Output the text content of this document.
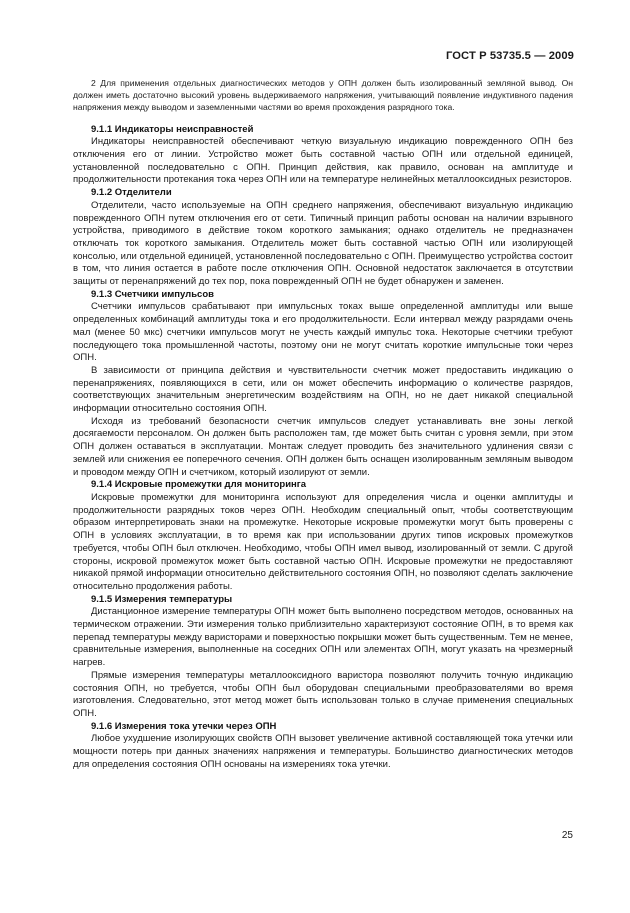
ГОСТ Р 53735.5 — 2009

2 Для применения отдельных диагностических методов у ОПН должен быть изолированный земляной вывод. Он должен иметь достаточно высокий уровень выдерживаемого напряжения, учитывающий появление индуктивного падения напряжения между выводом и заземленными частями во время прохождения разрядного тока.

9.1.1 Индикаторы неисправностей

Индикаторы неисправностей обеспечивают четкую визуальную индикацию поврежденного ОПН без отключения его от линии. Устройство может быть составной частью ОПН или отдельной единицей, установленной последовательно с ОПН. Принцип действия, как правило, основан на амплитуде и продолжительности протекания тока через ОПН или на температуре нелинейных металлооксидных резисторов.

9.1.2 Отделители

Отделители, часто используемые на ОПН среднего напряжения, обеспечивают визуальную индикацию поврежденного ОПН путем отключения его от сети. Типичный принцип работы основан на наличии взрывного устройства, приводимого в действие током короткого замыкания; однако отделитель не предназначен отключать ток короткого замыкания. Отделитель может быть составной частью ОПН или изолирующей консолью, или отдельной единицей, установленной последовательно с ОПН. Преимущество устройства состоит в том, что линия остается в работе после отключения ОПН. Основной недостаток заключается в отсутствии защиты от перенапряжений до тех пор, пока поврежденный ОПН не будет обнаружен и заменен.

9.1.3 Счетчики импульсов

Счетчики импульсов срабатывают при импульсных токах выше определенной амплитуды или выше определенных комбинаций амплитуды тока и его продолжительности. Если интервал между разрядами очень мал (менее 50 мкс) счетчики импульсов могут не учесть каждый импульс тока. Некоторые счетчики требуют последующего тока промышленной частоты, поэтому они не могут считать короткие импульсные токи через ОПН.

В зависимости от принципа действия и чувствительности счетчик может предоставить индикацию о перенапряжениях, появляющихся в сети, или он может обеспечить информацию о количестве разрядов, соответствующих значительным энергетическим воздействиям на ОПН, но не дает никакой специальной информации относительно состояния ОПН.

Исходя из требований безопасности счетчик импульсов следует устанавливать вне зоны легкой досягаемости персоналом. Он должен быть расположен там, где может быть считан с уровня земли, при этом ОПН должен оставаться в эксплуатации. Монтаж следует проводить без значительного удлинения связи с землей или снижения ее поперечного сечения. ОПН должен быть оснащен изолированным земляным выводом и проводом между ОПН и счетчиком, который изолируют от земли.

9.1.4 Искровые промежутки для мониторинга

Искровые промежутки для мониторинга используют для определения числа и оценки амплитуды и продолжительности разрядных токов через ОПН. Необходим специальный опыт, чтобы соответствующим образом интерпретировать знаки на промежутке. Некоторые искровые промежутки могут быть проверены с ОПН в условиях эксплуатации, в то время как при использовании других типов искровых промежутков требуется, чтобы ОПН был отключен. Необходимо, чтобы ОПН имел вывод, изолированный от земли. С другой стороны, искровой промежуток может быть составной частью ОПН. Искровые промежутки не предоставляют никакой прямой информации относительно действительного состояния ОПН, но позволяют сделать заключение относительно продолжения работы.

9.1.5 Измерения температуры

Дистанционное измерение температуры ОПН может быть выполнено посредством методов, основанных на термическом отражении. Эти измерения только приблизительно характеризуют состояние ОПН, в то время как перепад температуры между варисторами и поверхностью покрышки может быть существенным. Тем не менее, сравнительные измерения, выполненные на соседних ОПН или элементах ОПН, могут указать на чрезмерный нагрев.

Прямые измерения температуры металлооксидного варистора позволяют получить точную индикацию состояния ОПН, но требуется, чтобы ОПН был оборудован специальными преобразователями во время изготовления. Следовательно, этот метод может быть использован только в случае применения специальных ОПН.

9.1.6 Измерения тока утечки через ОПН

Любое ухудшение изолирующих свойств ОПН вызовет увеличение активной составляющей тока утечки или мощности потерь при данных значениях напряжения и температуры. Большинство диагностических методов для определения состояния ОПН основаны на измерениях тока утечки.

25
